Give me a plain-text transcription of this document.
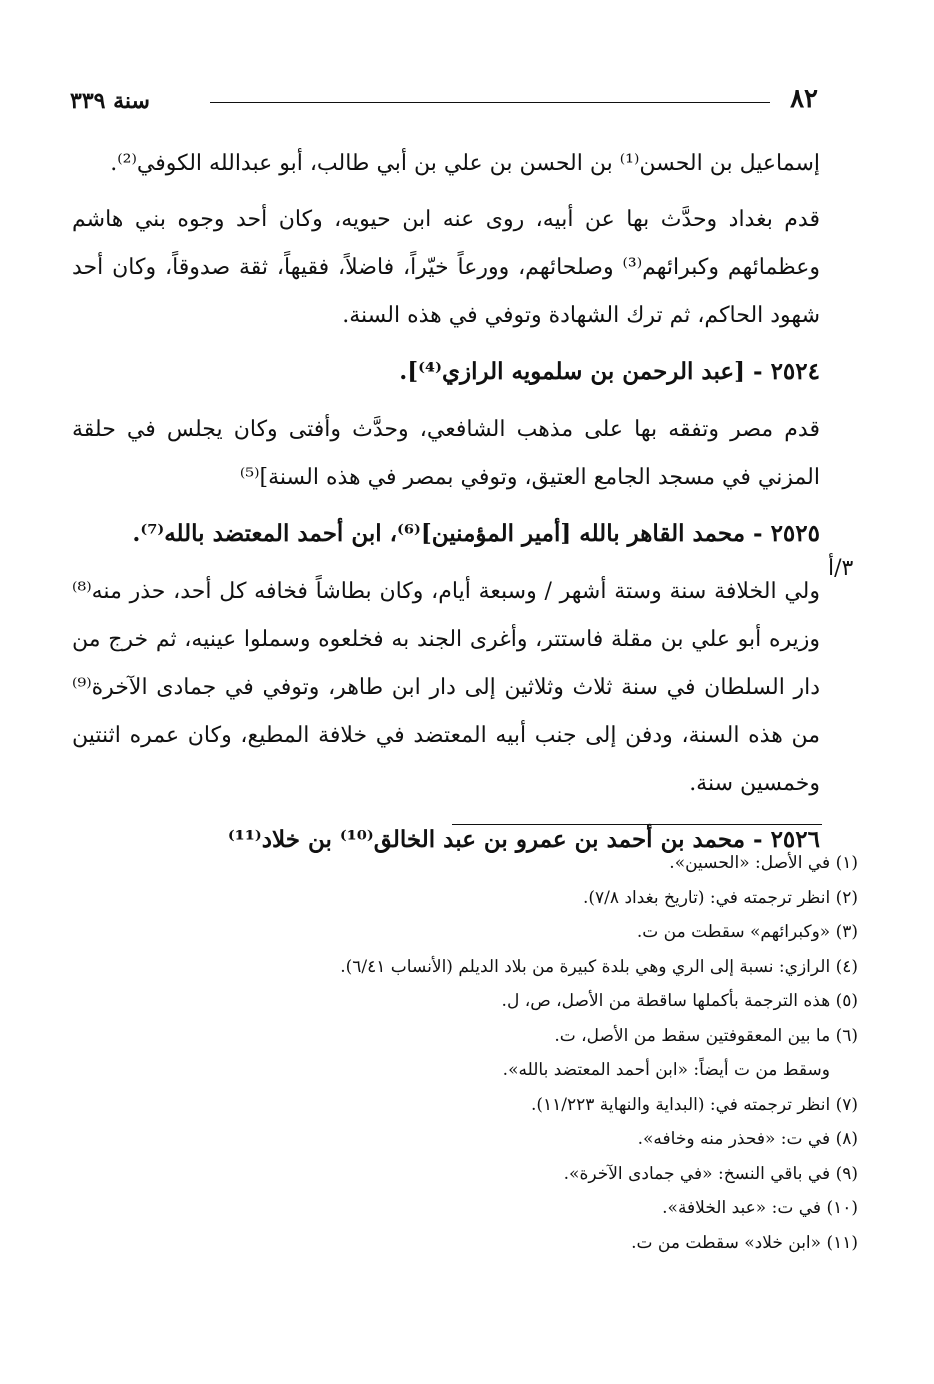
٨٢
سنة ٣٣٩
٣/أ

إسماعيل بن الحسن⁽¹⁾ بن الحسن بن علي بن أبي طالب، أبو عبدالله الكوفي⁽²⁾.

قدم بغداد وحدَّث بها عن أبيه، روى عنه ابن حيويه، وكان أحد وجوه بني هاشم وعظمائهم وكبرائهم⁽³⁾ وصلحائهم، وورعاً خيّراً، فاضلاً، فقيهاً، ثقة صدوقاً، وكان أحد شهود الحاكم، ثم ترك الشهادة وتوفي في هذه السنة.

٢٥٢٤ - [عبد الرحمن بن سلمويه الرازي⁽⁴⁾].

قدم مصر وتفقه بها على مذهب الشافعي، وحدَّث وأفتى وكان يجلس في حلقة المزني في مسجد الجامع العتيق، وتوفي بمصر في هذه السنة]⁽⁵⁾

٢٥٢٥ - محمد القاهر بالله [أمير المؤمنين]⁽⁶⁾، ابن أحمد المعتضد بالله⁽⁷⁾.

ولي الخلافة سنة وستة أشهر / وسبعة أيام، وكان بطاشاً فخافه كل أحد، حذر منه⁽⁸⁾ وزيره أبو علي بن مقلة فاستتر، وأغرى الجند به فخلعوه وسملوا عينيه، ثم خرج من دار السلطان في سنة ثلاث وثلاثين إلى دار ابن طاهر، وتوفي في جمادى الآخرة⁽⁹⁾ من هذه السنة، ودفن إلى جنب أبيه المعتضد في خلافة المطيع، وكان عمره اثنتين وخمسين سنة.

٢٥٢٦ - محمد بن أحمد بن عمرو بن عبد الخالق⁽¹⁰⁾ بن خلاد⁽¹¹⁾

(١) في الأصل: «الحسين».

(٢) انظر ترجمته في: (تاريخ بغداد ٧/٨).

(٣) «وكبرائهم» سقطت من ت.

(٤) الرازي: نسبة إلى الري وهي بلدة كبيرة من بلاد الديلم (الأنساب ٦/٤١).

(٥) هذه الترجمة بأكملها ساقطة من الأصل، ص، ل.

(٦) ما بين المعقوفتين سقط من الأصل، ت.

وسقط من ت أيضاً: «ابن أحمد المعتضد بالله».

(٧) انظر ترجمته في: (البداية والنهاية ١١/٢٢٣).

(٨) في ت: «فحذر منه وخافه».

(٩) في باقي النسخ: «في جمادى الآخرة».

(١٠) في ت: «عبد الخلافة».

(١١) «ابن خلاد» سقطت من ت.
